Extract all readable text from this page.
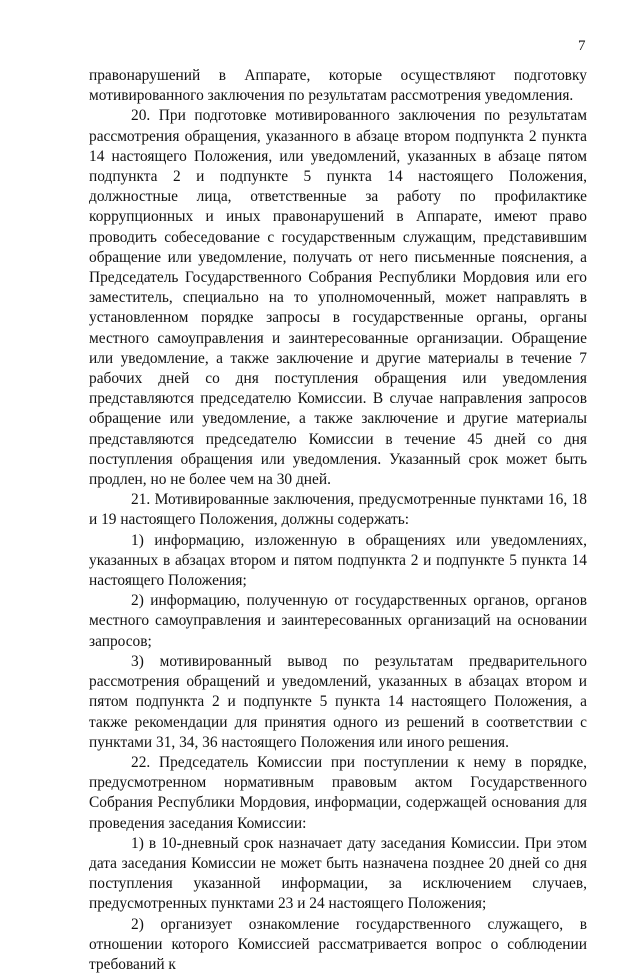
7

правонарушений в Аппарате, которые осуществляют подготовку мотивированного заключения по результатам рассмотрения уведомления.

20. При подготовке мотивированного заключения по результатам рассмотрения обращения, указанного в абзаце втором подпункта 2 пункта 14 настоящего Положения, или уведомлений, указанных в абзаце пятом подпункта 2 и подпункте 5 пункта 14 настоящего Положения, должностные лица, ответственные за работу по профилактике коррупционных и иных правонарушений в Аппарате, имеют право проводить собеседование с государственным служащим, представившим обращение или уведомление, получать от него письменные пояснения, а Председатель Государственного Собрания Республики Мордовия или его заместитель, специально на то уполномоченный, может направлять в установленном порядке запросы в государственные органы, органы местного самоуправления и заинтересованные организации. Обращение или уведомление, а также заключение и другие материалы в течение 7 рабочих дней со дня поступления обращения или уведомления представляются председателю Комиссии. В случае направления запросов обращение или уведомление, а также заключение и другие материалы представляются председателю Комиссии в течение 45 дней со дня поступления обращения или уведомления. Указанный срок может быть продлен, но не более чем на 30 дней.

21. Мотивированные заключения, предусмотренные пунктами 16, 18 и 19 настоящего Положения, должны содержать:

1) информацию, изложенную в обращениях или уведомлениях, указанных в абзацах втором и пятом подпункта 2 и подпункте 5 пункта 14 настоящего Положения;

2) информацию, полученную от государственных органов, органов местного самоуправления и заинтересованных организаций на основании запросов;

3) мотивированный вывод по результатам предварительного рассмотрения обращений и уведомлений, указанных в абзацах втором и пятом подпункта 2 и подпункте 5 пункта 14 настоящего Положения, а также рекомендации для принятия одного из решений в соответствии с пунктами 31, 34, 36 настоящего Положения или иного решения.

22. Председатель Комиссии при поступлении к нему в порядке, предусмотренном нормативным правовым актом Государственного Собрания Республики Мордовия, информации, содержащей основания для проведения заседания Комиссии:

1) в 10-дневный срок назначает дату заседания Комиссии. При этом дата заседания Комиссии не может быть назначена позднее 20 дней со дня поступления указанной информации, за исключением случаев, предусмотренных пунктами 23 и 24 настоящего Положения;

2) организует ознакомление государственного служащего, в отношении которого Комиссией рассматривается вопрос о соблюдении требований к
